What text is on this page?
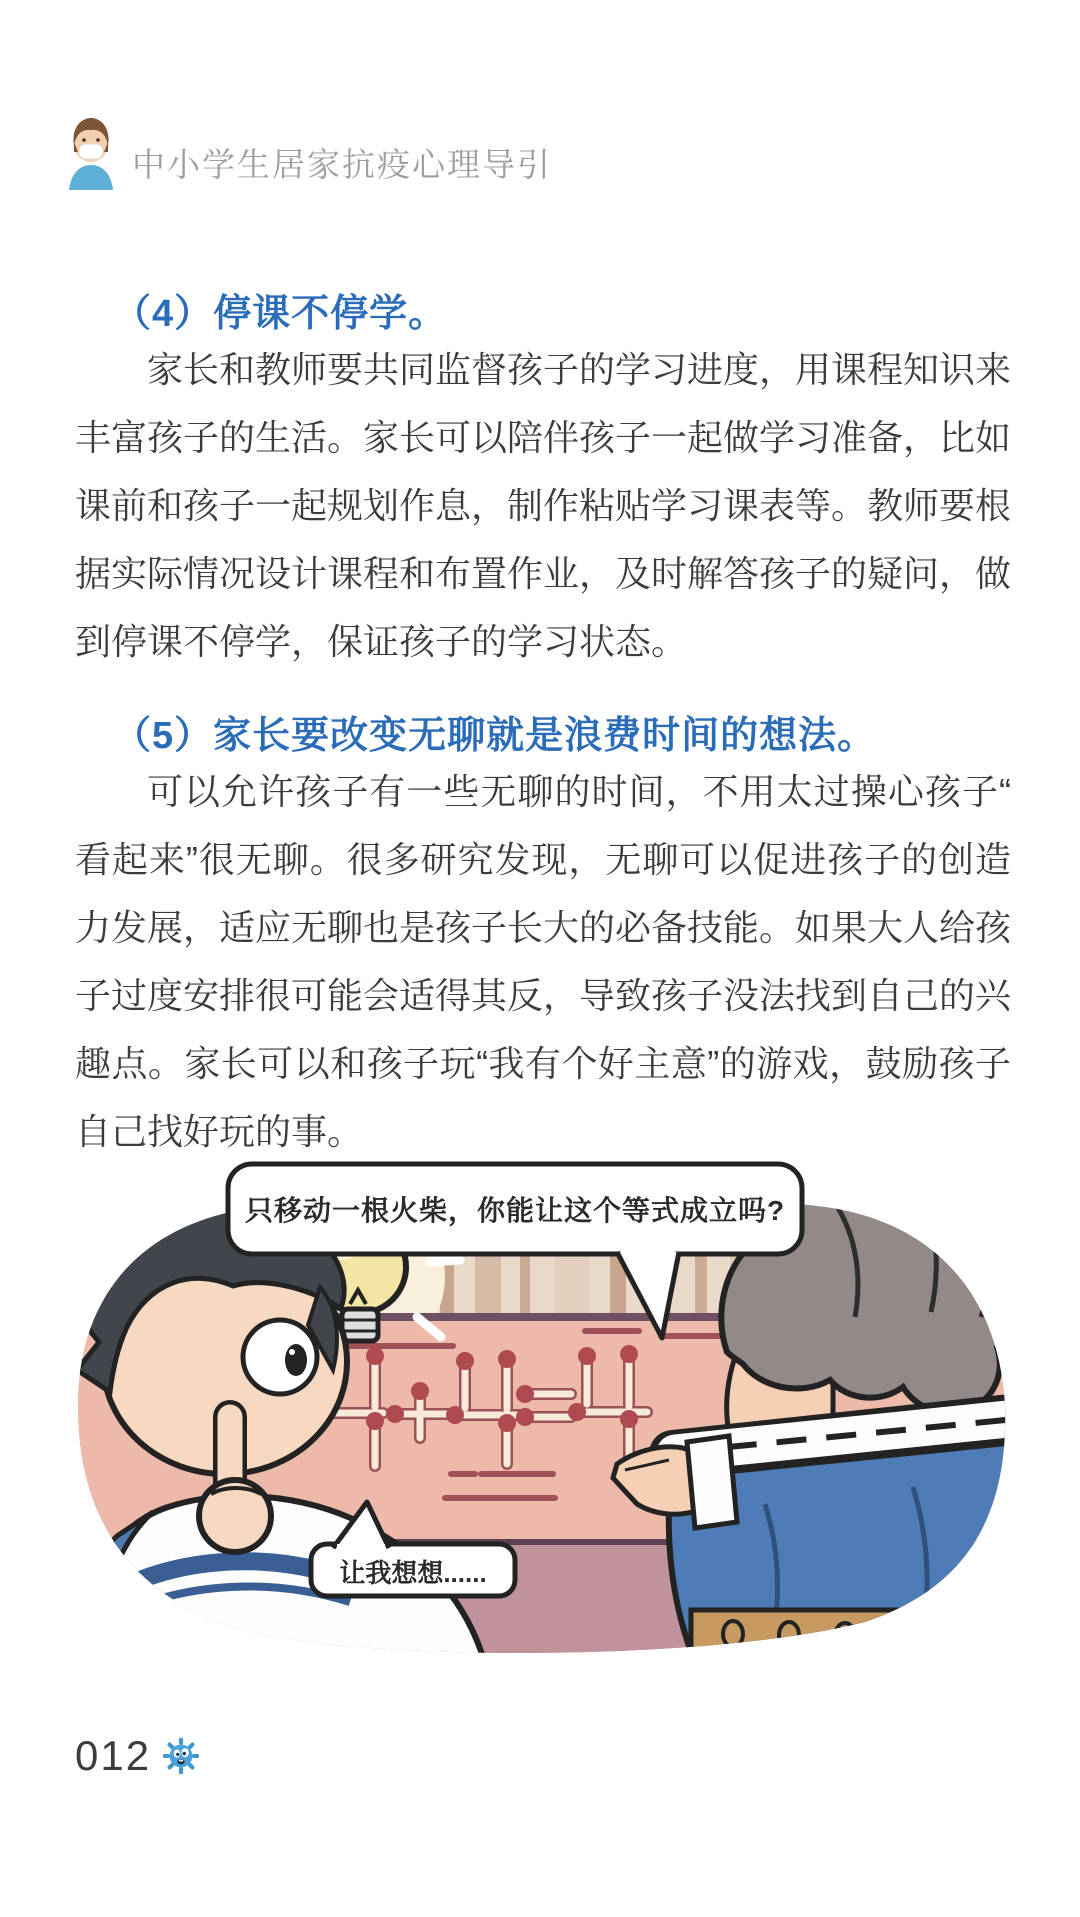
中小学生居家抗疫心理导引
（4）停课不停学。

家长和教师要共同监督孩子的学习进度，用课程知识来丰富孩子的生活。家长可以陪伴孩子一起做学习准备，比如课前和孩子一起规划作息，制作粘贴学习课表等。教师要根据实际情况设计课程和布置作业，及时解答孩子的疑问，做到停课不停学，保证孩子的学习状态。

（5）家长要改变无聊就是浪费时间的想法。

可以允许孩子有一些无聊的时间，不用太过操心孩子“看起来”很无聊。很多研究发现，无聊可以促进孩子的创造力发展，适应无聊也是孩子长大的必备技能。如果大人给孩子过度安排很可能会适得其反，导致孩子没法找到自己的兴趣点。家长可以和孩子玩“我有个好主意”的游戏，鼓励孩子自己找好玩的事。

只移动一根火柴，你能让这个等式成立吗?
让我想想......
012
